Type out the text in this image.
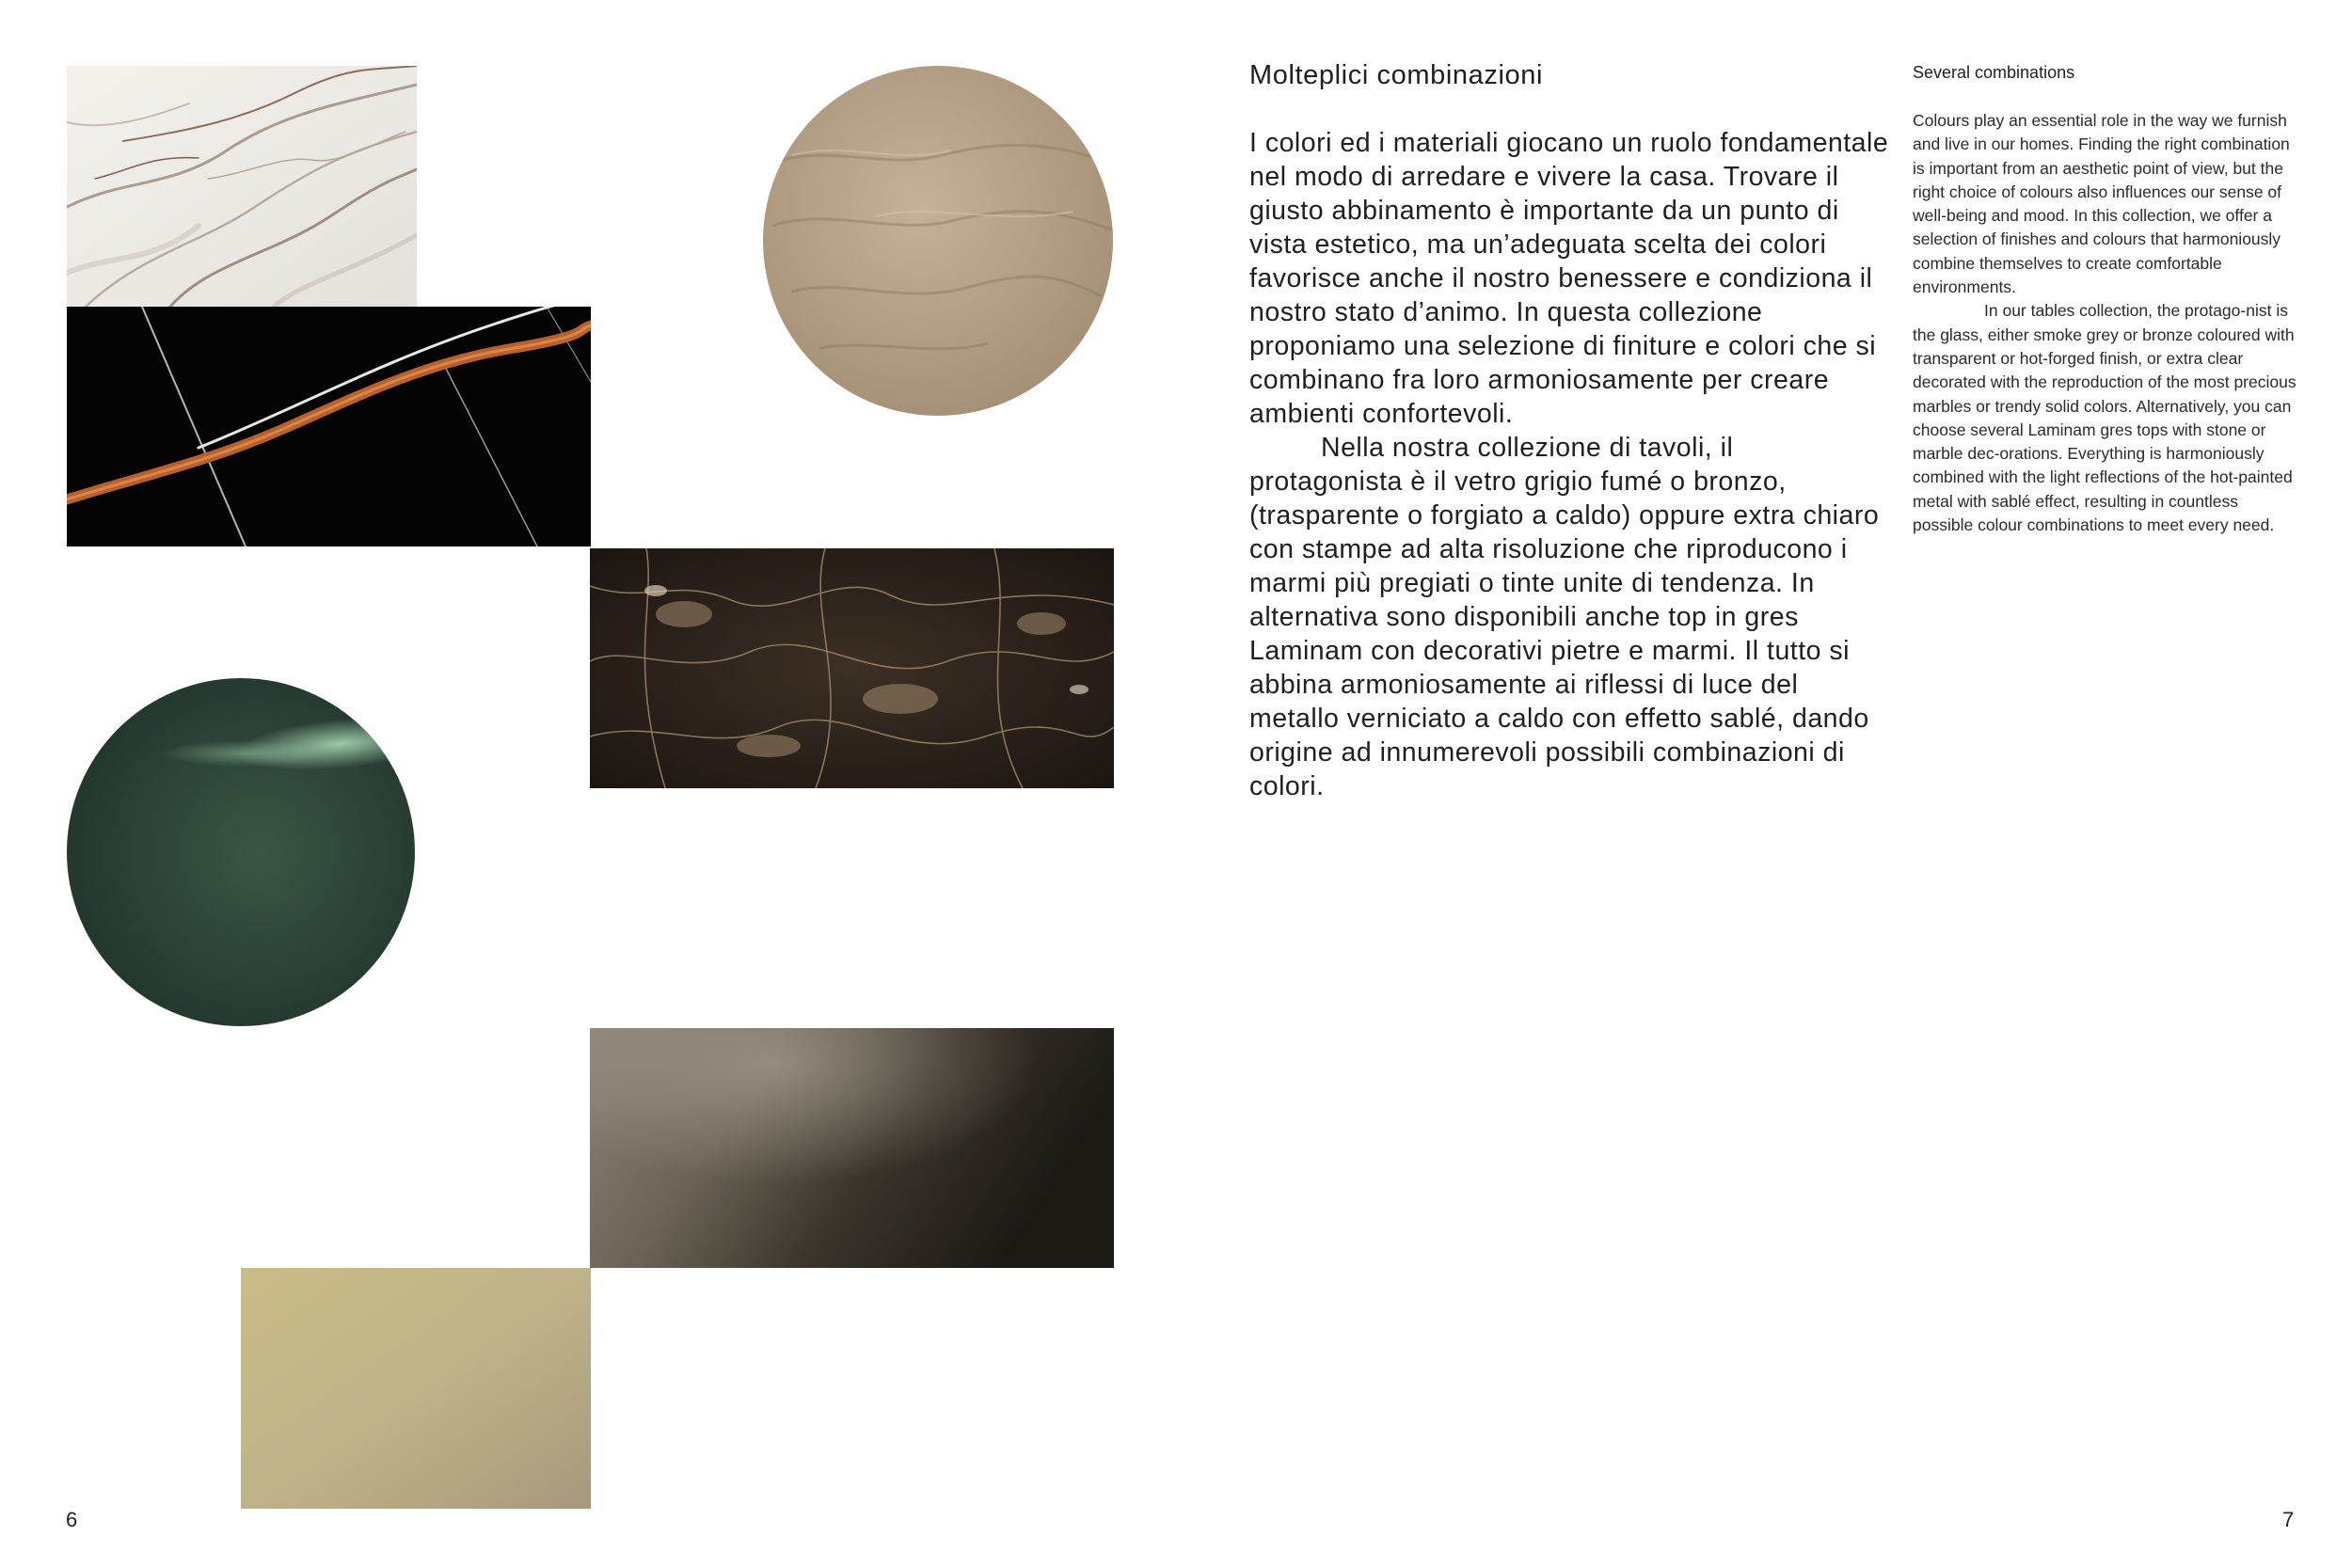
6
Molteplici combinazioni

I colori ed i materiali giocano un ruolo fondamentale nel modo di arredare e vivere la casa. Trovare il giusto abbinamento è importante da un punto di vista estetico, ma un’adeguata scelta dei colori favorisce anche il nostro benessere e condiziona il nostro stato d’animo. In questa collezione proponiamo una selezione di finiture e colori che si combinano fra loro armoniosamente per creare ambienti confortevoli.

Nella nostra collezione di tavoli, il protagonista è il vetro grigio fumé o bronzo, (trasparente o forgiato a caldo) oppure extra chiaro con stampe ad alta risoluzione che riproducono i marmi più pregiati o tinte unite di tendenza. In alternativa sono disponibili anche top in gres Laminam con decorativi pietre e marmi. Il tutto si abbina armoniosamente ai riflessi di luce del metallo verniciato a caldo con effetto sablé, dando origine ad innumerevoli possibili combinazioni di colori.

Several combinations

Colours play an essential role in the way we furnish and live in our homes. Finding the right combination is important from an aesthetic point of view, but the right choice of colours also influences our sense of well-being and mood. In this collection, we offer a selection of finishes and colours that harmoniously combine themselves to create comfortable environments.

In our tables collection, the protago-nist is the glass, either smoke grey or bronze coloured with transparent or hot-forged finish, or extra clear decorated with the reproduction of the most precious marbles or trendy solid colors. Alternatively, you can choose several Laminam gres tops with stone or marble dec-orations. Everything is harmoniously combined with the light reflections of the hot-painted metal with sablé effect, resulting in countless possible colour combinations to meet every need.

7
